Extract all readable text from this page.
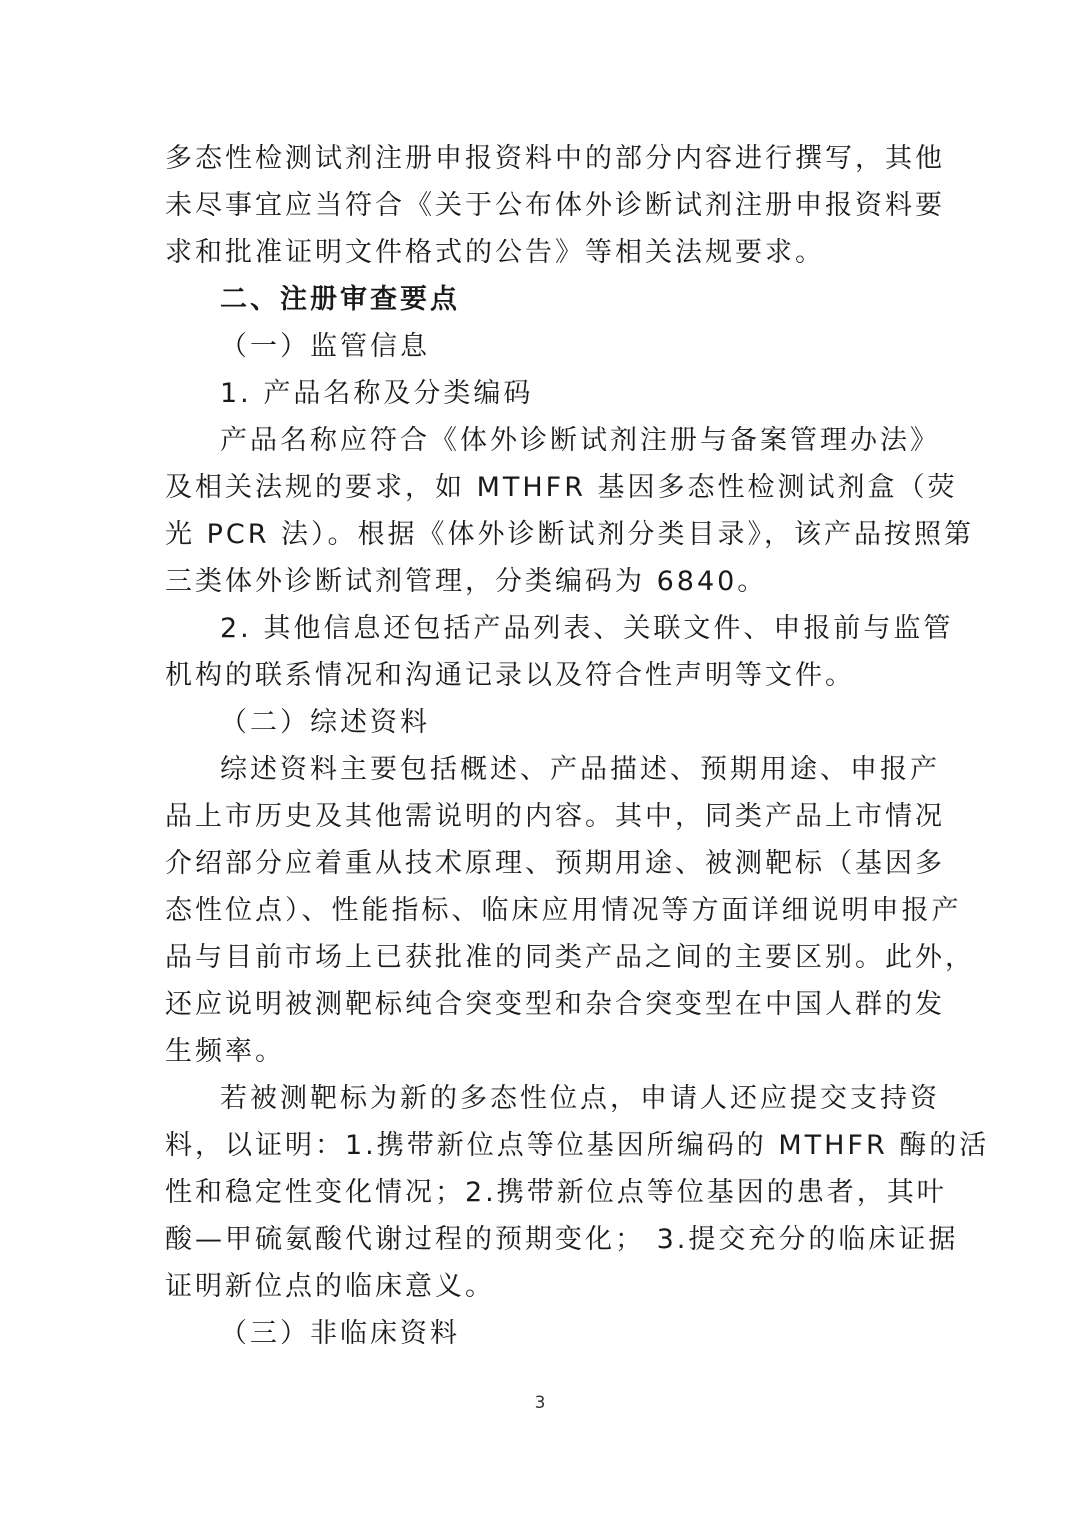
多态性检测试剂注册申报资料中的部分内容进行撰写，其他
未尽事宜应当符合《关于公布体外诊断试剂注册申报资料要
求和批准证明文件格式的公告》等相关法规要求。
二、注册审查要点
（一）监管信息
1. 产品名称及分类编码
产品名称应符合《体外诊断试剂注册与备案管理办法》
及相关法规的要求，如 MTHFR 基因多态性检测试剂盒（荧
光 PCR 法）。根据《体外诊断试剂分类目录》，该产品按照第
三类体外诊断试剂管理，分类编码为 6840。
2. 其他信息还包括产品列表、关联文件、申报前与监管
机构的联系情况和沟通记录以及符合性声明等文件。
（二）综述资料
综述资料主要包括概述、产品描述、预期用途、申报产
品上市历史及其他需说明的内容。其中，同类产品上市情况
介绍部分应着重从技术原理、预期用途、被测靶标（基因多
态性位点）、性能指标、临床应用情况等方面详细说明申报产
品与目前市场上已获批准的同类产品之间的主要区别。此外，
还应说明被测靶标纯合突变型和杂合突变型在中国人群的发
生频率。
若被测靶标为新的多态性位点，申请人还应提交支持资
料，以证明：1.携带新位点等位基因所编码的 MTHFR 酶的活
性和稳定性变化情况；2.携带新位点等位基因的患者，其叶
酸—甲硫氨酸代谢过程的预期变化； 3.提交充分的临床证据
证明新位点的临床意义。
（三）非临床资料
3
